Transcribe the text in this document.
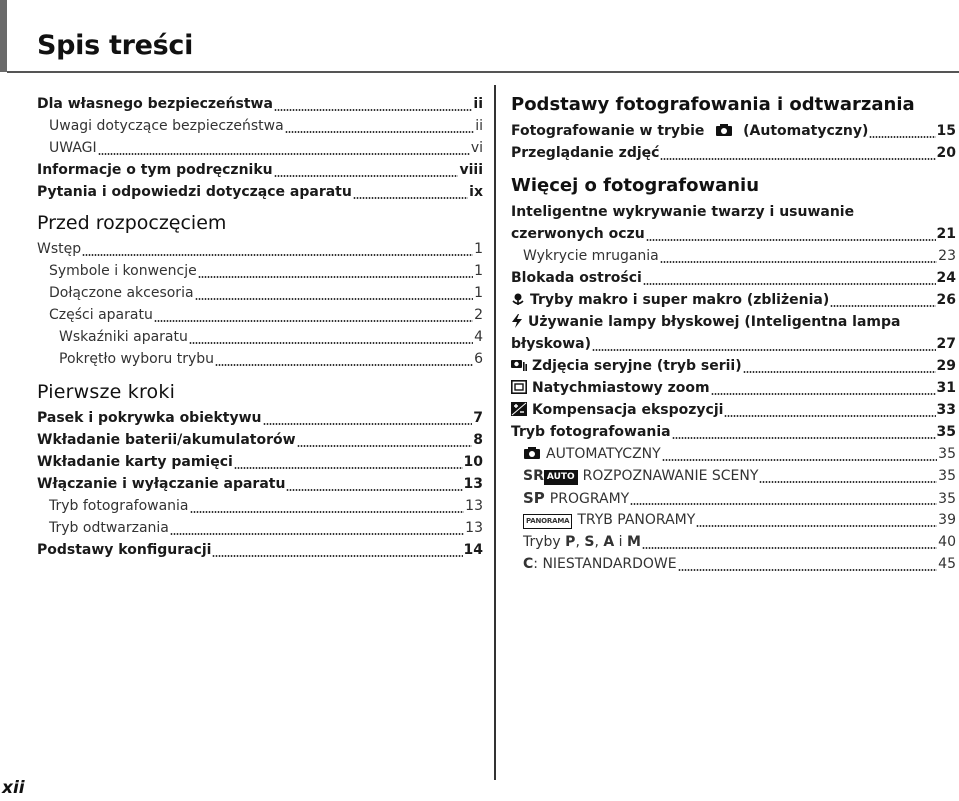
Spis treści
Dla własnego bezpieczeństwa	ii
Uwagi dotyczące bezpieczeństwa	ii
UWAGI	vi
Informacje o tym podręczniku	viii
Pytania i odpowiedzi dotyczące aparatu	ix
Przed rozpoczęciem
Wstęp	1
Symbole i konwencje	1
Dołączone akcesoria	1
Części aparatu	2
Wskaźniki aparatu	4
Pokrętło wyboru trybu	6
Pierwsze kroki
Pasek i pokrywka obiektywu	7
Wkładanie baterii/akumulatorów	8
Wkładanie karty pamięci	10
Włączanie i wyłączanie aparatu	13
Tryb fotografowania	13
Tryb odtwarzania	13
Podstawy konfiguracji	14
Podstawy fotografowania i odtwarzania
Fotografowanie w trybie	(Automatyczny)	15
Przeglądanie zdjęć	20
Więcej o fotografowaniu
Inteligentne wykrywanie twarzy i usuwanie
czerwonych oczu	21
Wykrycie mrugania	23
Blokada ostrości	24
Tryby makro i super makro (zbliżenia)	26
Używanie lampy błyskowej (Inteligentna lampa
błyskowa)	27
Zdjęcia seryjne (tryb serii)	29
Natychmiastowy zoom	31
Kompensacja ekspozycji	33
Tryb fotografowania	35
AUTOMATYCZNY	35
SR AUTO ROZPOZNAWANIE SCENY	35
SP PROGRAMY	35
PANORAMA TRYB PANORAMY	39
Tryby P, S, A i M	40
C: NIESTANDARDOWE	45
xii
